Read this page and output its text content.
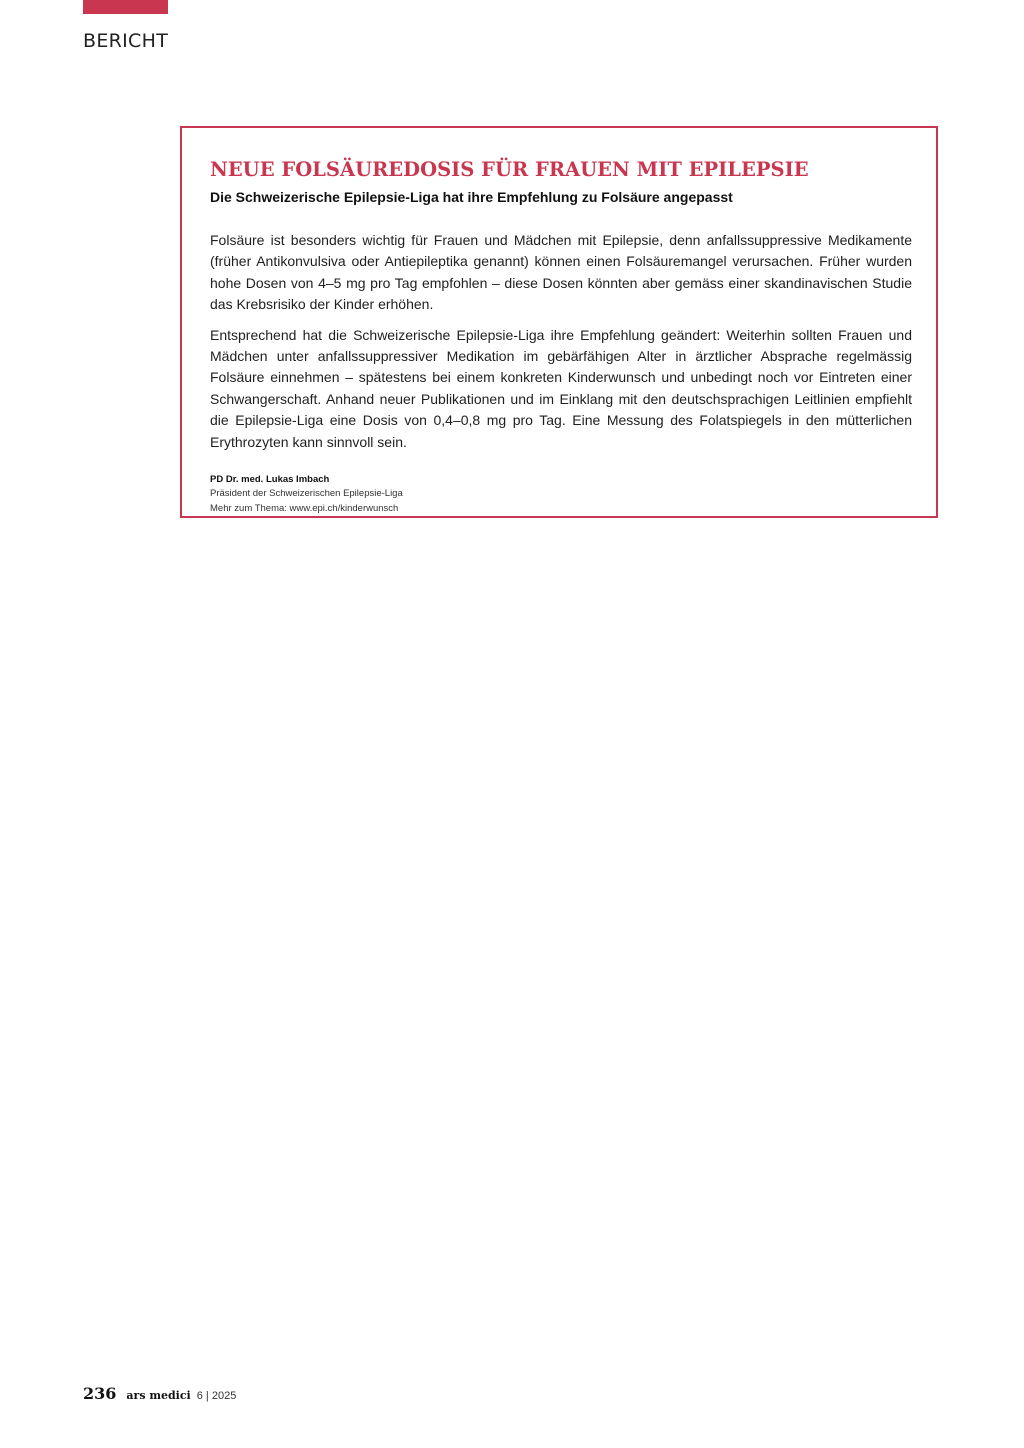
BERICHT
NEUE FOLSÄUREDOSIS FÜR FRAUEN MIT EPILEPSIE
Die Schweizerische Epilepsie-Liga hat ihre Empfehlung zu Folsäure angepasst

Folsäure ist besonders wichtig für Frauen und Mädchen mit Epilepsie, denn anfallssuppressive Medikamente (früher Antikonvulsiva oder Antiepileptika genannt) können einen Folsäuremangel verursachen. Früher wurden hohe Dosen von 4–5 mg pro Tag empfohlen – diese Dosen könnten aber gemäss einer skandinavischen Studie das Krebsrisiko der Kinder erhöhen.

Entsprechend hat die Schweizerische Epilepsie-Liga ihre Empfehlung geändert: Weiterhin sollten Frauen und Mädchen unter anfallssuppressiver Medikation im gebärfähigen Alter in ärztlicher Absprache regelmässig Folsäure einnehmen – spätestens bei einem konkreten Kinderwunsch und unbedingt noch vor Eintreten einer Schwangerschaft. Anhand neuer Publikationen und im Einklang mit den deutschsprachigen Leitlinien empfiehlt die Epilepsie-Liga eine Dosis von 0,4–0,8 mg pro Tag. Eine Messung des Folatspiegels in den mütterlichen Erythrozyten kann sinnvoll sein.

PD Dr. med. Lukas Imbach
Präsident der Schweizerischen Epilepsie-Liga
Mehr zum Thema: www.epi.ch/kinderwunsch
236 ars medici 6 | 2025
